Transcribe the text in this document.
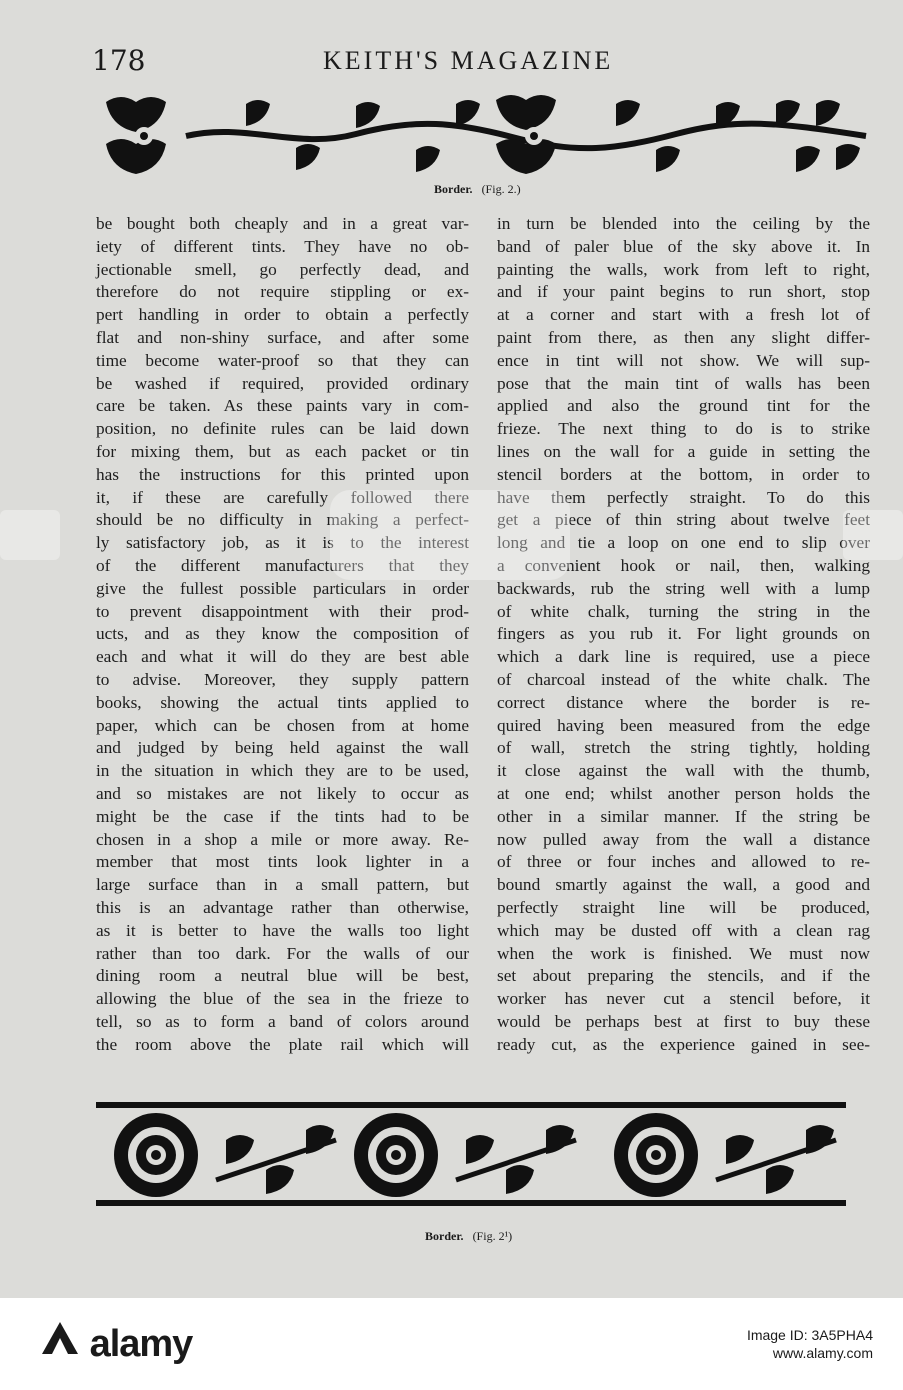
178	KEITH'S MAGAZINE
Border. (Fig. 2.)
be bought both cheaply and in a great var-
iety of different tints. They have no ob-
jectionable smell, go perfectly dead, and
therefore do not require stippling or ex-
pert handling in order to obtain a perfectly
flat and non-shiny surface, and after some
time become water-proof so that they can
be washed if required, provided ordinary
care be taken. As these paints vary in com-
position, no definite rules can be laid down
for mixing them, but as each packet or tin
has the instructions for this printed upon
it, if these are carefully followed there
should be no difficulty in making a perfect-
ly satisfactory job, as it is to the interest
of the different manufacturers that they
give the fullest possible particulars in order
to prevent disappointment with their prod-
ucts, and as they know the composition of
each and what it will do they are best able
to advise. Moreover, they supply pattern
books, showing the actual tints applied to
paper, which can be chosen from at home
and judged by being held against the wall
in the situation in which they are to be used,
and so mistakes are not likely to occur as
might be the case if the tints had to be
chosen in a shop a mile or more away. Re-
member that most tints look lighter in a
large surface than in a small pattern, but
this is an advantage rather than otherwise,
as it is better to have the walls too light
rather than too dark. For the walls of our
dining room a neutral blue will be best,
allowing the blue of the sea in the frieze to
tell, so as to form a band of colors around
the room above the plate rail which will
in turn be blended into the ceiling by the
band of paler blue of the sky above it. In
painting the walls, work from left to right,
and if your paint begins to run short, stop
at a corner and start with a fresh lot of
paint from there, as then any slight differ-
ence in tint will not show. We will sup-
pose that the main tint of walls has been
applied and also the ground tint for the
frieze. The next thing to do is to strike
lines on the wall for a guide in setting the
stencil borders at the bottom, in order to
have them perfectly straight. To do this
get a piece of thin string about twelve feet
long and tie a loop on one end to slip over
a convenient hook or nail, then, walking
backwards, rub the string well with a lump
of white chalk, turning the string in the
fingers as you rub it. For light grounds on
which a dark line is required, use a piece
of charcoal instead of the white chalk. The
correct distance where the border is re-
quired having been measured from the edge
of wall, stretch the string tightly, holding
it close against the wall with the thumb,
at one end; whilst another person holds the
other in a similar manner. If the string be
now pulled away from the wall a distance
of three or four inches and allowed to re-
bound smartly against the wall, a good and
perfectly straight line will be produced,
which may be dusted off with a clean rag
when the work is finished. We must now
set about preparing the stencils, and if the
worker has never cut a stencil before, it
would be perhaps best at first to buy these
ready cut, as the experience gained in see-
Border. (Fig. 2¹)
alamy	Image ID: 3A5PHA4
www.alamy.com
